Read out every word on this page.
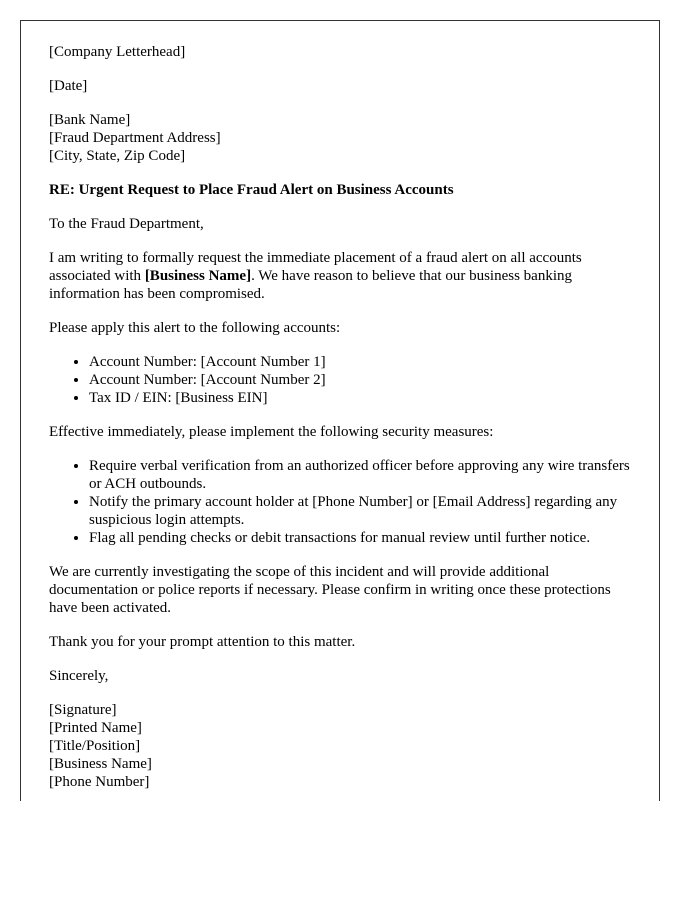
[Company Letterhead]

[Date]

[Bank Name]
[Fraud Department Address]
[City, State, Zip Code]

RE: Urgent Request to Place Fraud Alert on Business Accounts

To the Fraud Department,

I am writing to formally request the immediate placement of a fraud alert on all accounts associated with [Business Name]. We have reason to believe that our business banking information has been compromised.

Please apply this alert to the following accounts:

• Account Number: [Account Number 1]
• Account Number: [Account Number 2]
• Tax ID / EIN: [Business EIN]

Effective immediately, please implement the following security measures:

• Require verbal verification from an authorized officer before approving any wire transfers or ACH outbounds.
• Notify the primary account holder at [Phone Number] or [Email Address] regarding any suspicious login attempts.
• Flag all pending checks or debit transactions for manual review until further notice.

We are currently investigating the scope of this incident and will provide additional documentation or police reports if necessary. Please confirm in writing once these protections have been activated.

Thank you for your prompt attention to this matter.

Sincerely,

[Signature]
[Printed Name]
[Title/Position]
[Business Name]
[Phone Number]
